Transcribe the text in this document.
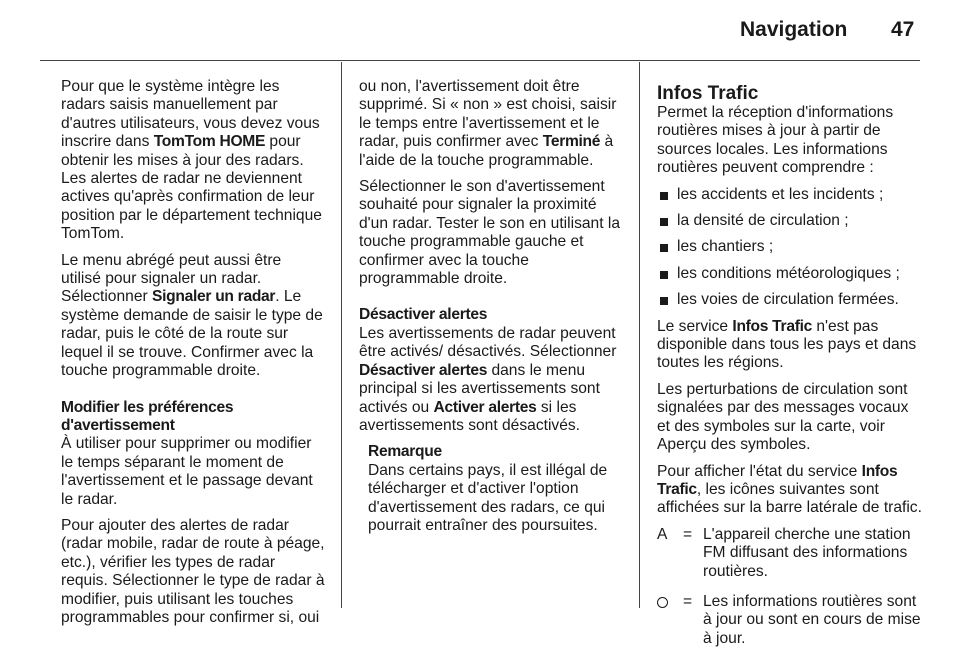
Navigation 47

Pour que le système intègre les radars saisis manuellement par d'autres utilisateurs, vous devez vous inscrire dans TomTom HOME pour obtenir les mises à jour des radars. Les alertes de radar ne deviennent actives qu'après confirmation de leur position par le département technique TomTom.

Le menu abrégé peut aussi être utilisé pour signaler un radar. Sélectionner Signaler un radar. Le système demande de saisir le type de radar, puis le côté de la route sur lequel il se trouve. Confirmer avec la touche programmable droite.

Modifier les préférences d'avertissement

À utiliser pour supprimer ou modifier le temps séparant le moment de l'avertissement et le passage devant le radar.

Pour ajouter des alertes de radar (radar mobile, radar de route à péage, etc.), vérifier les types de radar requis. Sélectionner le type de radar à modifier, puis utilisant les touches programmables pour confirmer si, oui

ou non, l'avertissement doit être supprimé. Si « non » est choisi, saisir le temps entre l'avertissement et le radar, puis confirmer avec Terminé à l'aide de la touche programmable.

Sélectionner le son d'avertissement souhaité pour signaler la proximité d'un radar. Tester le son en utilisant la touche programmable gauche et confirmer avec la touche programmable droite.

Désactiver alertes

Les avertissements de radar peuvent être activés/ désactivés. Sélectionner Désactiver alertes dans le menu principal si les avertissements sont activés ou Activer alertes si les avertissements sont désactivés.

Remarque

Dans certains pays, il est illégal de télécharger et d'activer l'option d'avertissement des radars, ce qui pourrait entraîner des poursuites.

Infos Trafic

Permet la réception d'informations routières mises à jour à partir de sources locales. Les informations routières peuvent comprendre :

les accidents et les incidents ;
la densité de circulation ;
les chantiers ;
les conditions météorologiques ;
les voies de circulation fermées.

Le service Infos Trafic n'est pas disponible dans tous les pays et dans toutes les régions.

Les perturbations de circulation sont signalées par des messages vocaux et des symboles sur la carte, voir Aperçu des symboles.

Pour afficher l'état du service Infos Trafic, les icônes suivantes sont affichées sur la barre latérale de trafic.

A = L'appareil cherche une station FM diffusant des informations routières.
= Les informations routières sont à jour ou sont en cours de mise à jour.
